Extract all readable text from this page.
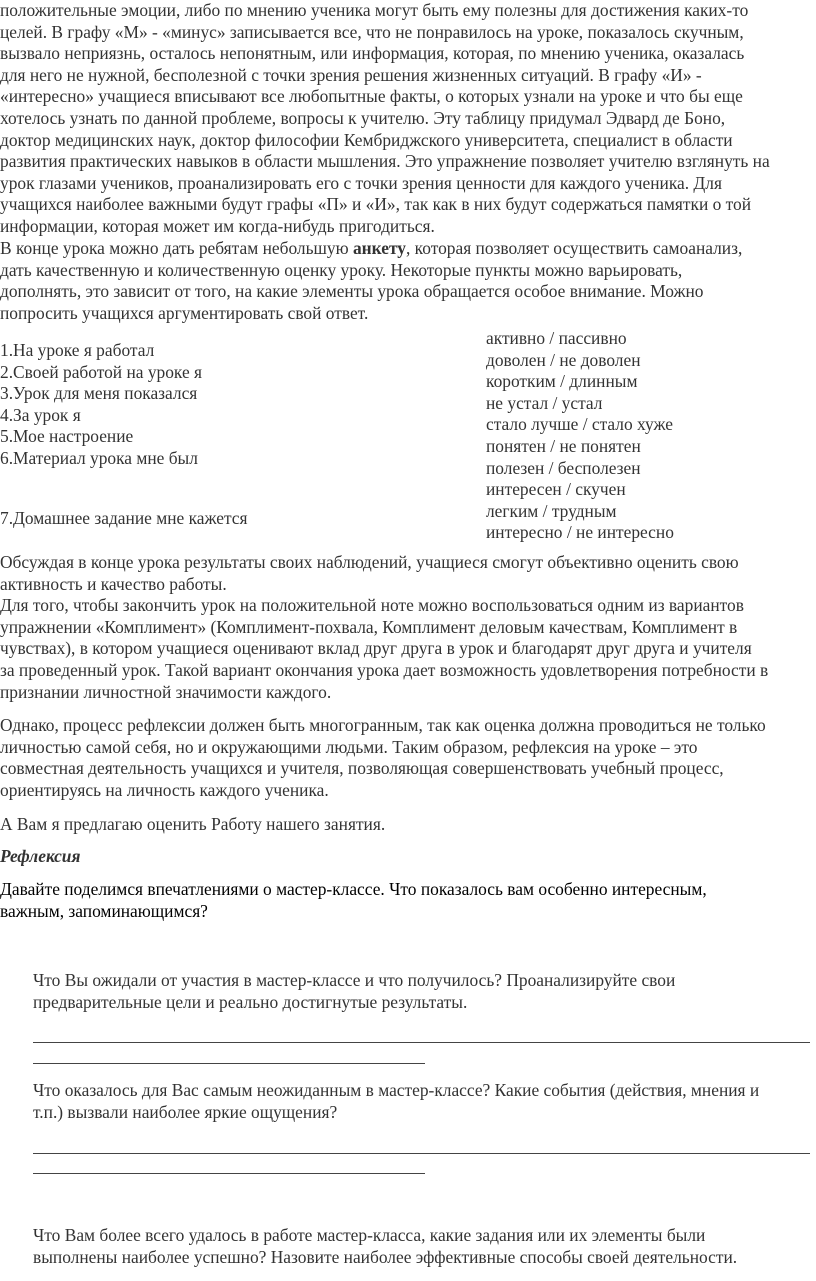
положительные эмоции, либо по мнению ученика могут быть ему полезны для достижения каких-то
целей. В графу «М» - «минус» записывается все, что не понравилось на уроке, показалось скучным,
вызвало неприязнь, осталось непонятным, или информация, которая, по мнению ученика, оказалась
для него не нужной, бесполезной с точки зрения решения жизненных ситуаций. В графу «И» -
«интересно» учащиеся вписывают все любопытные факты, о которых узнали на уроке и что бы еще
хотелось узнать по данной проблеме, вопросы к учителю. Эту таблицу придумал Эдвард де Боно,
доктор медицинских наук, доктор философии Кембриджского университета, специалист в области
развития практических навыков в области мышления. Это упражнение позволяет учителю взглянуть на
урок глазами учеников, проанализировать его с точки зрения ценности для каждого ученика. Для
учащихся наиболее важными будут графы «П» и «И», так как в них будут содержаться памятки о той
информации, которая может им когда-нибудь пригодиться.
В конце урока можно дать ребятам небольшую анкету, которая позволяет осуществить самоанализ,
дать качественную и количественную оценку уроку. Некоторые пункты можно варьировать,
дополнять, это зависит от того, на какие элементы урока обращается особое внимание. Можно
попросить учащихся аргументировать свой ответ.
1.На уроке я работал
2.Своей работой на уроке я
3.Урок для меня показался
4.За урок я
5.Мое настроение
6.Материал урока мне был
7.Домашнее задание мне кажется
активно / пассивно
доволен / не доволен
коротким / длинным
не устал / устал
стало лучше / стало хуже
понятен / не понятен
полезен / бесполезен
интересен / скучен
легким / трудным
интересно / не интересно
Обсуждая в конце урока результаты своих наблюдений, учащиеся смогут объективно оценить свою
активность и качество работы.
Для того, чтобы закончить урок на положительной ноте можно воспользоваться одним из вариантов
упражнении «Комплимент» (Комплимент-похвала, Комплимент деловым качествам, Комплимент в
чувствах), в котором учащиеся оценивают вклад друг друга в урок и благодарят друг друга и учителя
за проведенный урок. Такой вариант окончания урока дает возможность удовлетворения потребности в
признании личностной значимости каждого.
Однако, процесс рефлексии должен быть многогранным, так как оценка должна проводиться не только
личностью самой себя, но и окружающими людьми. Таким образом, рефлексия на уроке – это
совместная деятельность учащихся и учителя, позволяющая совершенствовать учебный процесс,
ориентируясь на личность каждого ученика.
А Вам я предлагаю оценить Работу нашего занятия.
Рефлексия
Давайте поделимся впечатлениями о мастер-классе. Что показалось вам особенно интересным,
важным, запоминающимся?
Что Вы ожидали от участия в мастер-классе и что получилось? Проанализируйте свои
предварительные цели и реально достигнутые результаты.
Что оказалось для Вас самым неожиданным в мастер-классе? Какие события (действия, мнения и
т.п.) вызвали наиболее яркие ощущения?
Что Вам более всего удалось в работе мастер-класса, какие задания или их элементы были
выполнены наиболее успешно? Назовите наиболее эффективные способы своей деятельности.
